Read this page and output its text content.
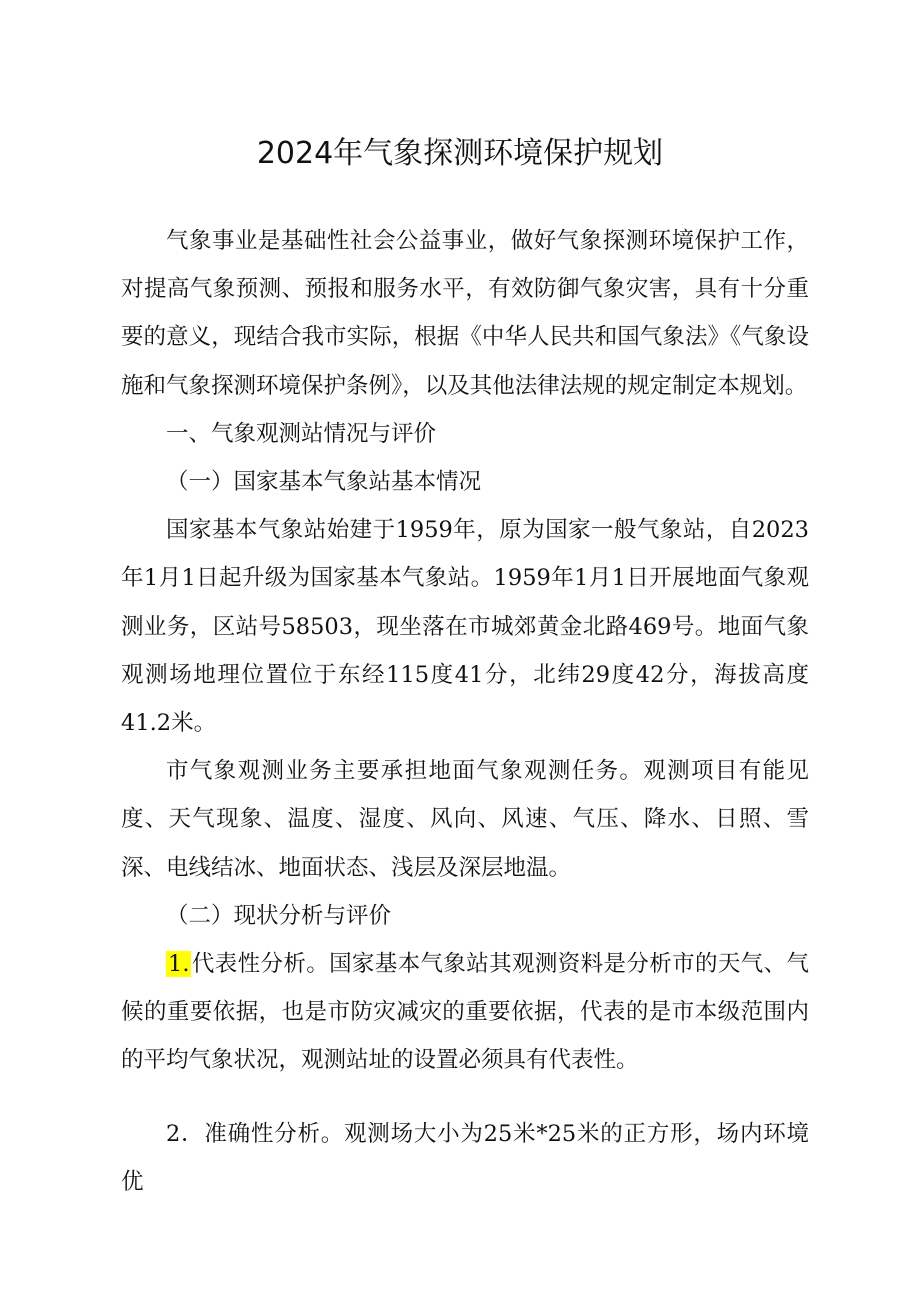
2024年气象探测环境保护规划

气象事业是基础性社会公益事业，做好气象探测环境保护工作，对提高气象预测、预报和服务水平，有效防御气象灾害，具有十分重要的意义，现结合我市实际，根据《中华人民共和国气象法》《气象设施和气象探测环境保护条例》，以及其他法律法规的规定制定本规划。

一、气象观测站情况与评价

（一）国家基本气象站基本情况

国家基本气象站始建于1959年，原为国家一般气象站，自2023年1月1日起升级为国家基本气象站。1959年1月1日开展地面气象观测业务，区站号58503，现坐落在市城郊黄金北路469号。地面气象观测场地理位置位于东经115度41分，北纬29度42分，海拔高度41.2米。

市气象观测业务主要承担地面气象观测任务。观测项目有能见度、天气现象、温度、湿度、风向、风速、气压、降水、日照、雪深、电线结冰、地面状态、浅层及深层地温。

（二）现状分析与评价

1.代表性分析。国家基本气象站其观测资料是分析市的天气、气候的重要依据，也是市防灾减灾的重要依据，代表的是市本级范围内的平均气象状况，观测站址的设置必须具有代表性。

2．准确性分析。观测场大小为25米*25米的正方形，场内环境优
